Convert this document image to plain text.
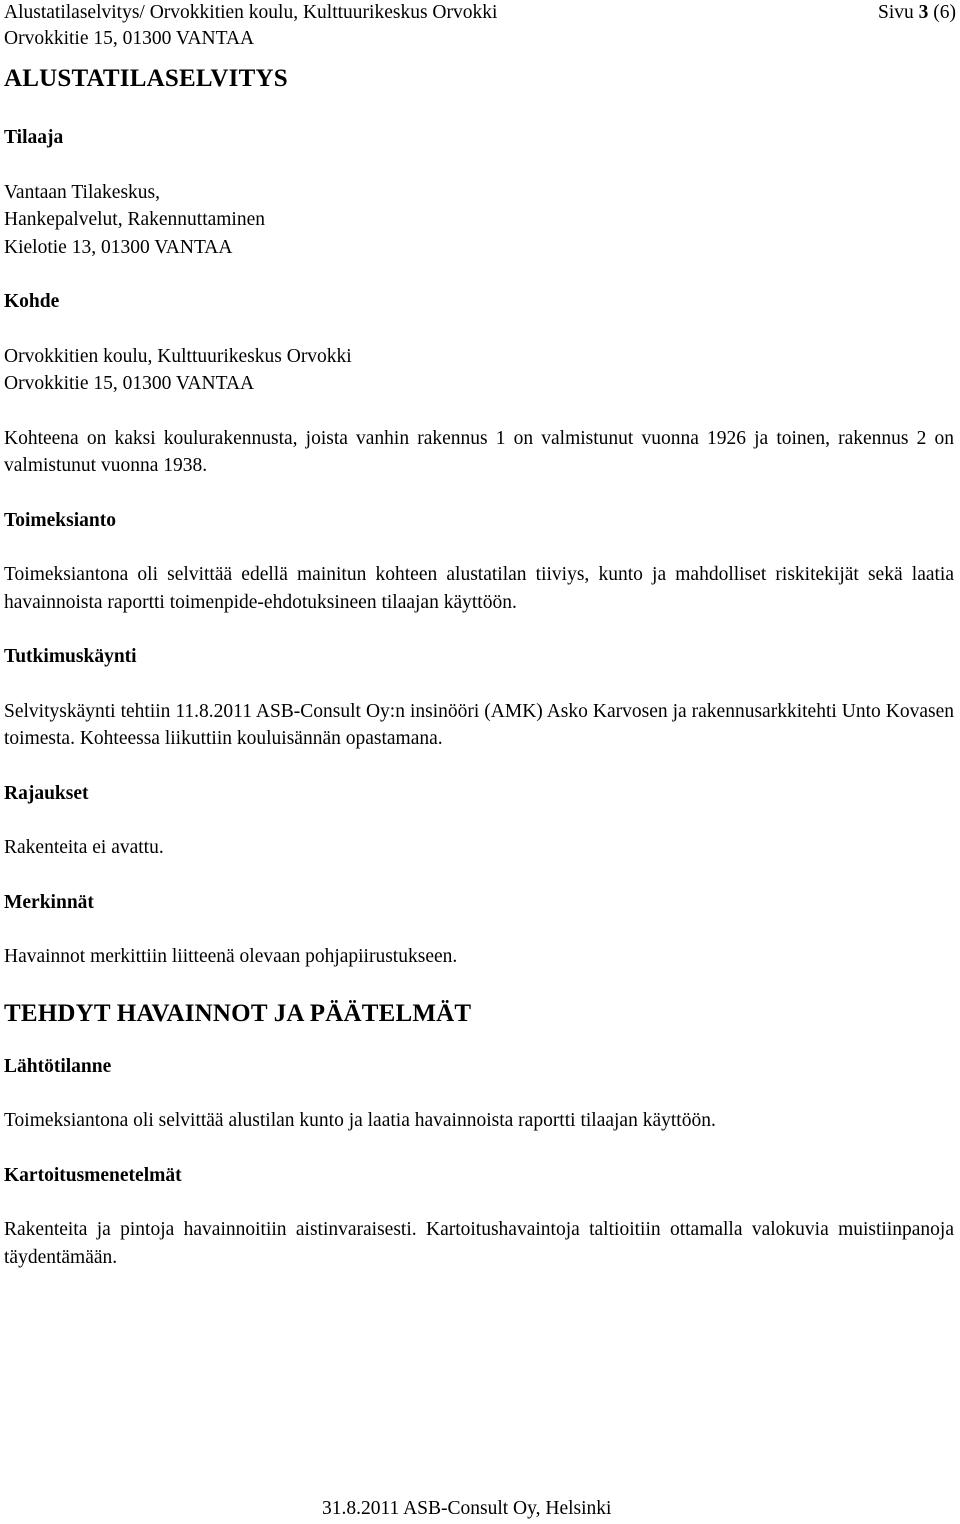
Alustatilaselvitys/ Orvokkitien koulu, Kulttuurikeskus Orvokki	Sivu 3 (6)
Orvokkitie 15, 01300 VANTAA
ALUSTATILASELVITYS
Tilaaja

Vantaan Tilakeskus,
Hankepalvelut, Rakennuttaminen
Kielotie 13, 01300 VANTAA

Kohde

Orvokkitien koulu, Kulttuurikeskus Orvokki
Orvokkitie 15, 01300 VANTAA

Kohteena on kaksi koulurakennusta, joista vanhin rakennus 1 on valmistunut vuonna 1926 ja toinen, rakennus 2 on valmistunut vuonna 1938.

Toimeksianto

Toimeksiantona oli selvittää edellä mainitun kohteen alustatilan tiiviys, kunto ja mahdolliset riskitekijät sekä laatia havainnoista raportti toimenpide-ehdotuksineen tilaajan käyttöön.

Tutkimuskäynti

Selvityskäynti tehtiin 11.8.2011 ASB-Consult Oy:n insinööri (AMK) Asko Karvosen ja rakennusarkkitehti Unto Kovasen toimesta. Kohteessa liikuttiin kouluisännän opastamana.

Rajaukset

Rakenteita ei avattu.

Merkinnät

Havainnot merkittiin liitteenä olevaan pohjapiirustukseen.

TEHDYT HAVAINNOT JA PÄÄTELMÄT
Lähtötilanne

Toimeksiantona oli selvittää alustilan kunto ja laatia havainnoista raportti tilaajan käyttöön.

Kartoitusmenetelmät

Rakenteita ja pintoja havainnoitiin aistinvaraisesti. Kartoitushavaintoja taltioitiin ottamalla valokuvia muistiinpanoja täydentämään.

31.8.2011 ASB-Consult Oy, Helsinki
